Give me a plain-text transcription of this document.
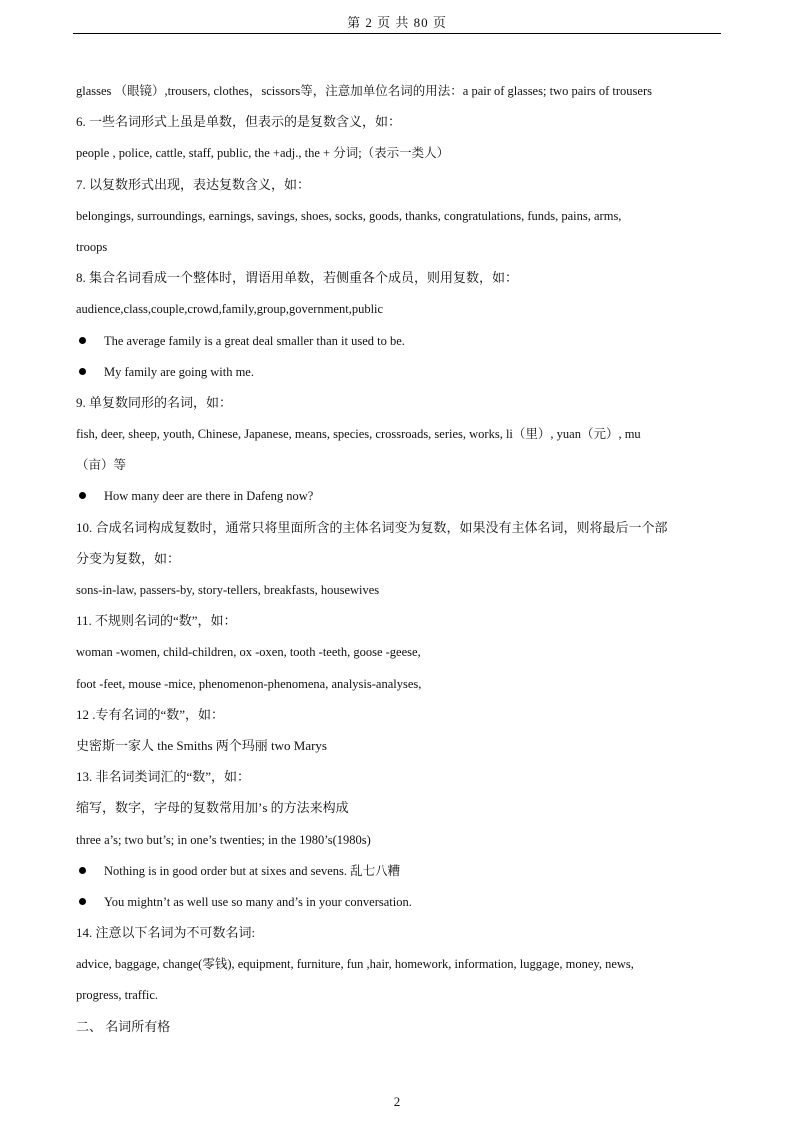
第 2 页 共 80 页
glasses （眼镜）,trousers, clothes，scissors等，注意加单位名词的用法：a pair of glasses; two pairs of trousers
6. 一些名词形式上虽是单数，但表示的是复数含义，如：
people , police, cattle, staff, public, the +adj., the + 分词;（表示一类人）
7. 以复数形式出现，表达复数含义，如：
belongings, surroundings, earnings, savings, shoes, socks, goods, thanks, congratulations, funds, pains, arms,
troops
8. 集合名词看成一个整体时，谓语用单数，若侧重各个成员，则用复数，如：
audience,class,couple,crowd,family,group,government,public
The average family is a great deal smaller than it used to be.
My family are going with me.
9. 单复数同形的名词，如：
fish, deer, sheep, youth, Chinese, Japanese, means, species, crossroads, series, works, li（里）, yuan（元）, mu
（亩）等
How many deer are there in Dafeng now?
10. 合成名词构成复数时，通常只将里面所含的主体名词变为复数，如果没有主体名词，则将最后一个部
分变为复数，如：
sons-in-law, passers-by, story-tellers, breakfasts, housewives
11. 不规则名词的“数”，如：
woman -women, child-children, ox -oxen, tooth -teeth, goose -geese,
foot -feet, mouse -mice, phenomenon-phenomena, analysis-analyses,
12 .专有名词的“数”，如：
史密斯一家人 the Smiths 两个玛丽 two Marys
13. 非名词类词汇的“数”，如：
缩写，数字，字母的复数常用加’s 的方法来构成
three a’s; two but’s; in one’s twenties; in the 1980’s(1980s)
Nothing is in good order but at sixes and sevens. 乱七八糟
You mightn’t as well use so many and’s in your conversation.
14. 注意以下名词为不可数名词:
advice, baggage, change(零钱), equipment, furniture, fun ,hair, homework, information, luggage, money, news,
progress, traffic.
二、 名词所有格
2
